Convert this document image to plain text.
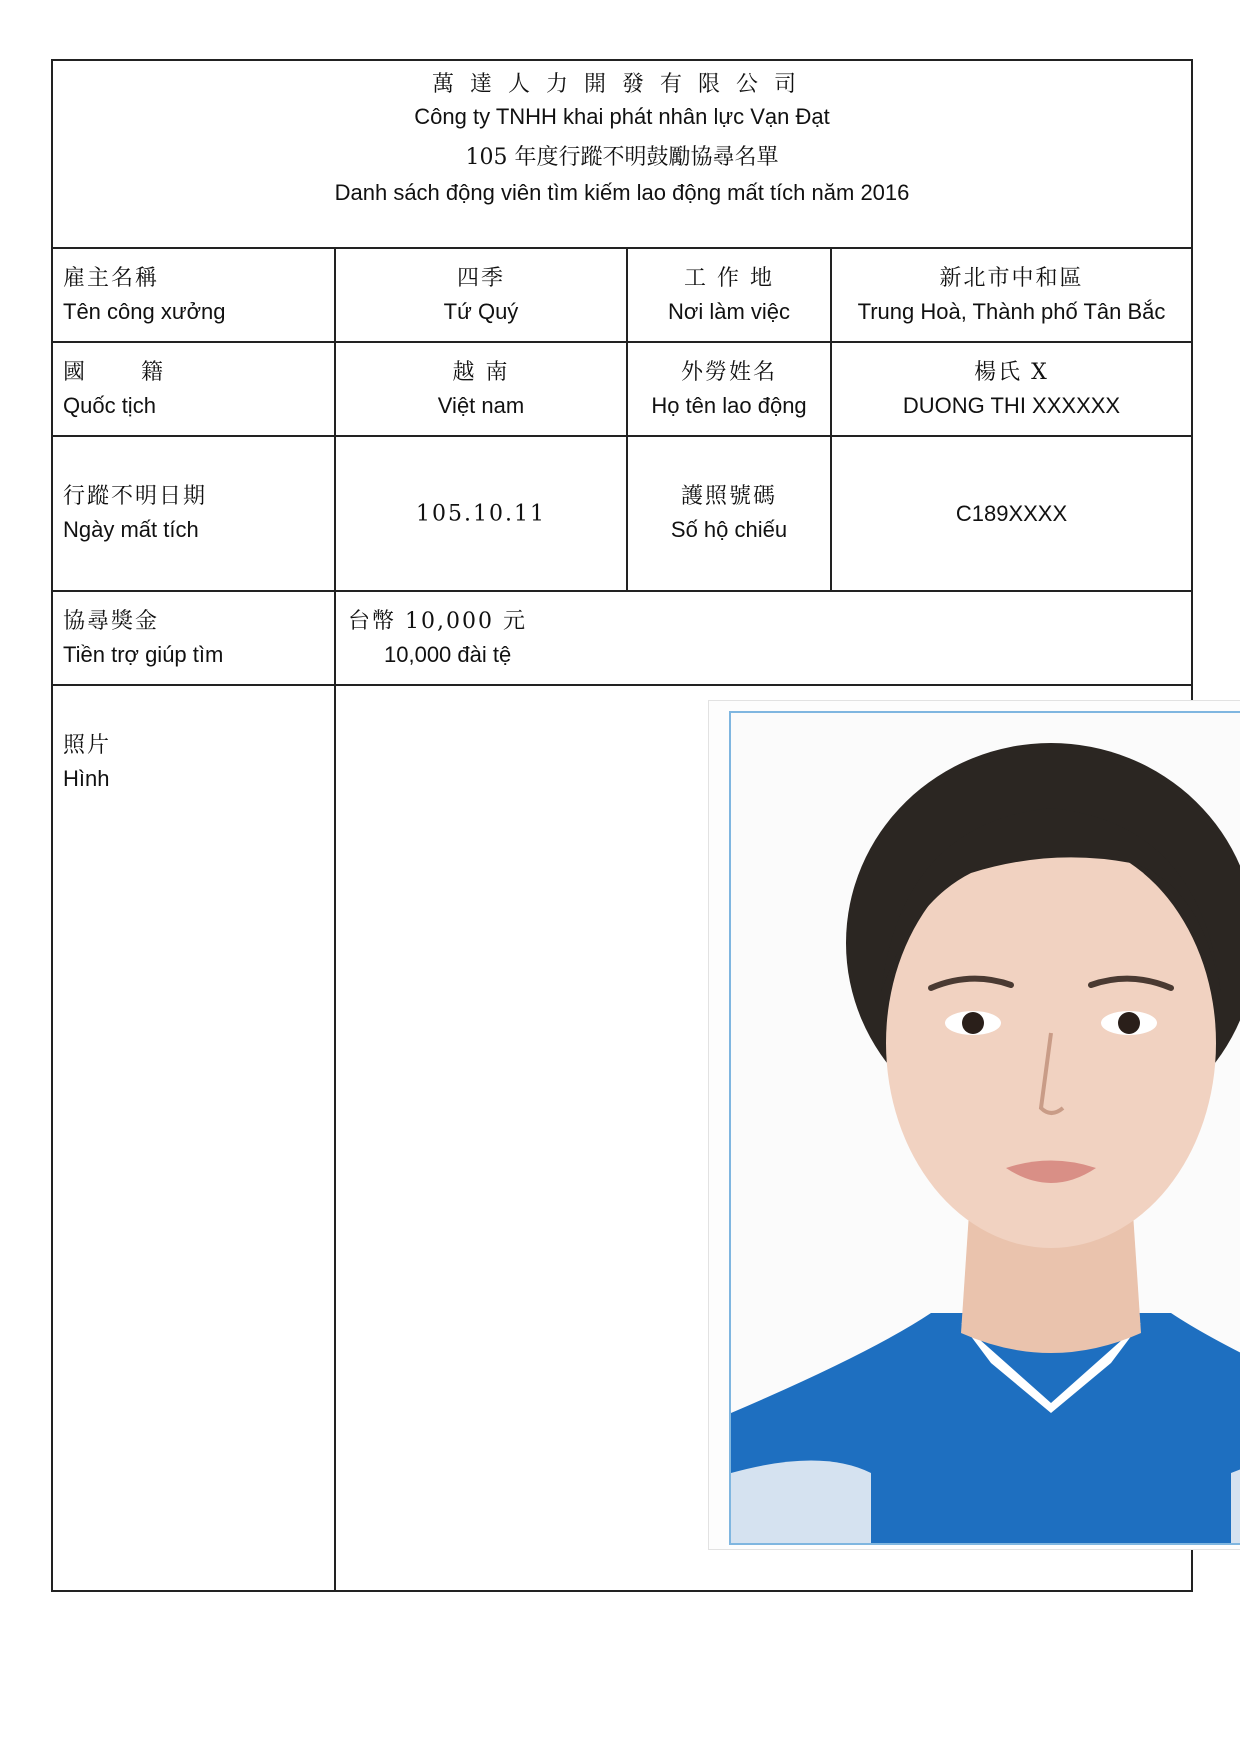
萬達人力開發有限公司
Công ty TNHH khai phát nhân lực Vạn Đạt
105 年度行蹤不明鼓勵協尋名單
Danh sách động viên tìm kiếm lao động mất tích năm 2016
雇主名稱
Tên công xưởng
四季
Tứ Quý
工 作 地
Nơi làm việc
新北市中和區
Trung Hoà, Thành phố Tân Bắc
國      籍
Quốc tịch
越 南
Việt nam
外勞姓名
Họ tên lao động
楊氏 X
DUONG THI XXXXXX
行蹤不明日期
Ngày mất tích
105.10.11
護照號碼
Số hộ chiếu
C189XXXX
協尋獎金
Tiền trợ giúp tìm
台幣 10,000 元
10,000 đài tệ
照片
Hình
